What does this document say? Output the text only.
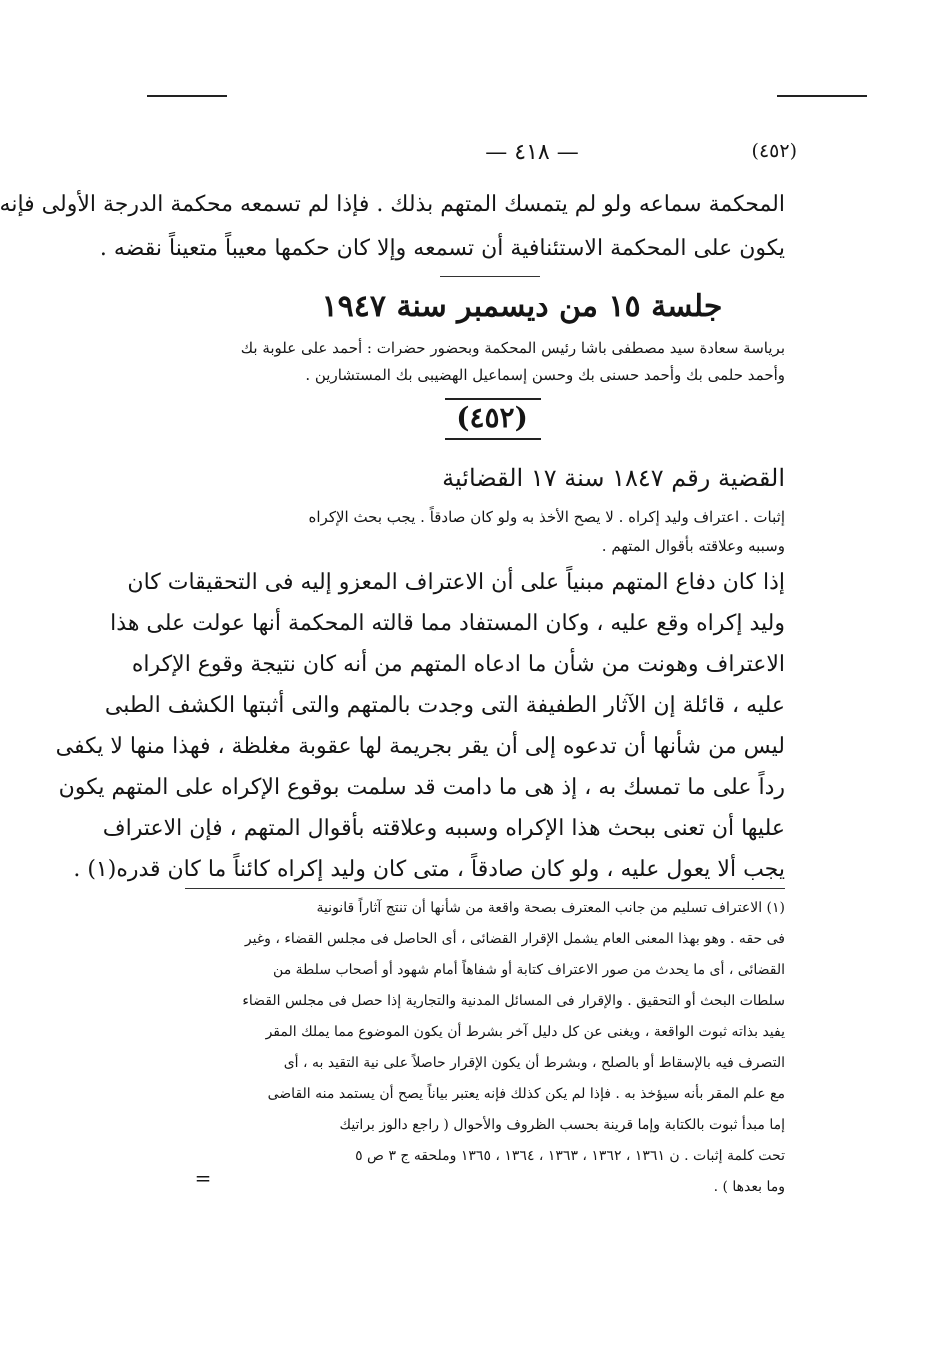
— ٤١٨ —	(٤٥٢)
المحكمة سماعه ولو لم يتمسك المتهم بذلك . فإذا لم تسمعه محكمة الدرجة الأولى فإنه
يكون على المحكمة الاستئنافية أن تسمعه وإلا كان حكمها معيباً متعيناً نقضه .
جلسة ١٥ من ديسمبر سنة ١٩٤٧
برياسة سعادة سيد مصطفى باشا رئيس المحكمة وبحضور حضرات : أحمد على علوبة بك
وأحمد حلمى بك وأحمد حسنى بك وحسن إسماعيل الهضيبى بك المستشارين .
(٤٥٢)
القضية رقم ١٨٤٧ سنة ١٧ القضائية
إثبات . اعتراف وليد إكراه . لا يصح الأخذ به ولو كان صادقاً . يجب بحث الإكراه
وسببه وعلاقته بأقوال المتهم .
إذا كان دفاع المتهم مبنياً على أن الاعتراف المعزو إليه فى التحقيقات كان
وليد إكراه وقع عليه ، وكان المستفاد مما قالته المحكمة أنها عولت على هذا
الاعتراف وهونت من شأن ما ادعاه المتهم من أنه كان نتيجة وقوع الإكراه
عليه ، قائلة إن الآثار الطفيفة التى وجدت بالمتهم والتى أثبتها الكشف الطبى
ليس من شأنها أن تدعوه إلى أن يقر بجريمة لها عقوبة مغلظة ، فهذا منها لا يكفى
رداً على ما تمسك به ، إذ هى ما دامت قد سلمت بوقوع الإكراه على المتهم يكون
عليها أن تعنى ببحث هذا الإكراه وسببه وعلاقته بأقوال المتهم ، فإن الاعتراف
يجب ألا يعول عليه ، ولو كان صادقاً ، متى كان وليد إكراه كائناً ما كان قدره(١) .
(١) الاعتراف تسليم من جانب المعترف بصحة واقعة من شأنها أن تنتج آثاراً قانونية
فى حقه . وهو بهذا المعنى العام يشمل الإقرار القضائى ، أى الحاصل فى مجلس القضاء ، وغير
القضائى ، أى ما يحدث من صور الاعتراف كتابة أو شفاهاً أمام شهود أو أصحاب سلطة من
سلطات البحث أو التحقيق . والإقرار فى المسائل المدنية والتجارية إذا حصل فى مجلس القضاء
يفيد بذاته ثبوت الواقعة ، ويغنى عن كل دليل آخر بشرط أن يكون الموضوع مما يملك المقر
التصرف فيه بالإسقاط أو بالصلح ، وبشرط أن يكون الإقرار حاصلاً على نية التقيد به ، أى
مع علم المقر بأنه سيؤخذ به . فإذا لم يكن كذلك فإنه يعتبر بياناً يصح أن يستمد منه القاضى
إما مبدأ ثبوت بالكتابة وإما قرينة بحسب الظروف والأحوال ( راجع دالوز براتيك
تحت كلمة إثبات . ن ١٣٦١ ، ١٣٦٢ ، ١٣٦٣ ، ١٣٦٤ ، ١٣٦٥ وملحقه ج ٣ ص ٥
وما بعدها ) .
=
